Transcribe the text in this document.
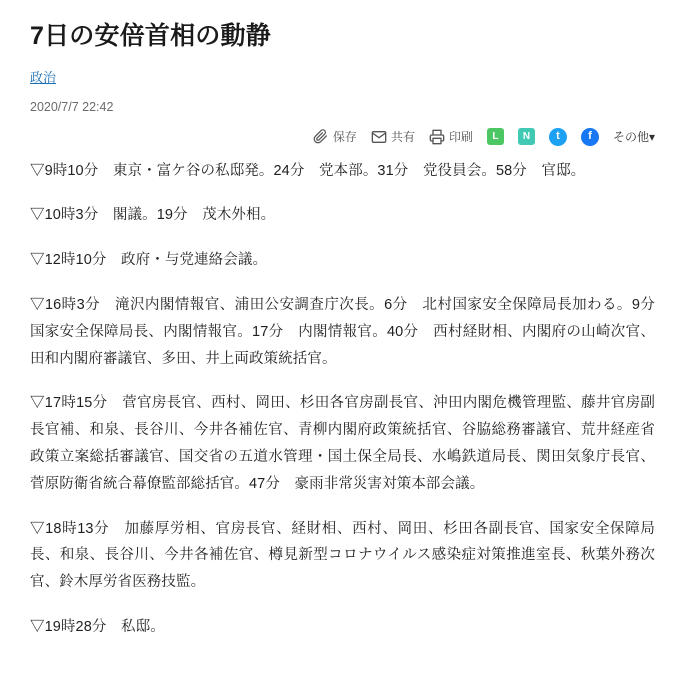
7日の安倍首相の動静
政治
2020/7/7 22:42
保存	共有	印刷 L N t	f その他▾

▽9時10分　東京・富ケ谷の私邸発。24分　党本部。31分　党役員会。58分　官邸。

▽10時3分　閣議。19分　茂木外相。

▽12時10分　政府・与党連絡会議。

▽16時3分　滝沢内閣情報官、浦田公安調査庁次長。6分　北村国家安全保障局長加わる。9分　国家安全保障局長、内閣情報官。17分　内閣情報官。40分　西村経財相、内閣府の山崎次官、田和内閣府審議官、多田、井上両政策統括官。

▽17時15分　菅官房長官、西村、岡田、杉田各官房副長官、沖田内閣危機管理監、藤井官房副長官補、和泉、長谷川、今井各補佐官、青柳内閣府政策統括官、谷脇総務審議官、荒井経産省政策立案総括審議官、国交省の五道水管理・国土保全局長、水嶋鉄道局長、関田気象庁長官、菅原防衛省統合幕僚監部総括官。47分　豪雨非常災害対策本部会議。

▽18時13分　加藤厚労相、官房長官、経財相、西村、岡田、杉田各副長官、国家安全保障局長、和泉、長谷川、今井各補佐官、樽見新型コロナウイルス感染症対策推進室長、秋葉外務次官、鈴木厚労省医務技監。

▽19時28分　私邸。
